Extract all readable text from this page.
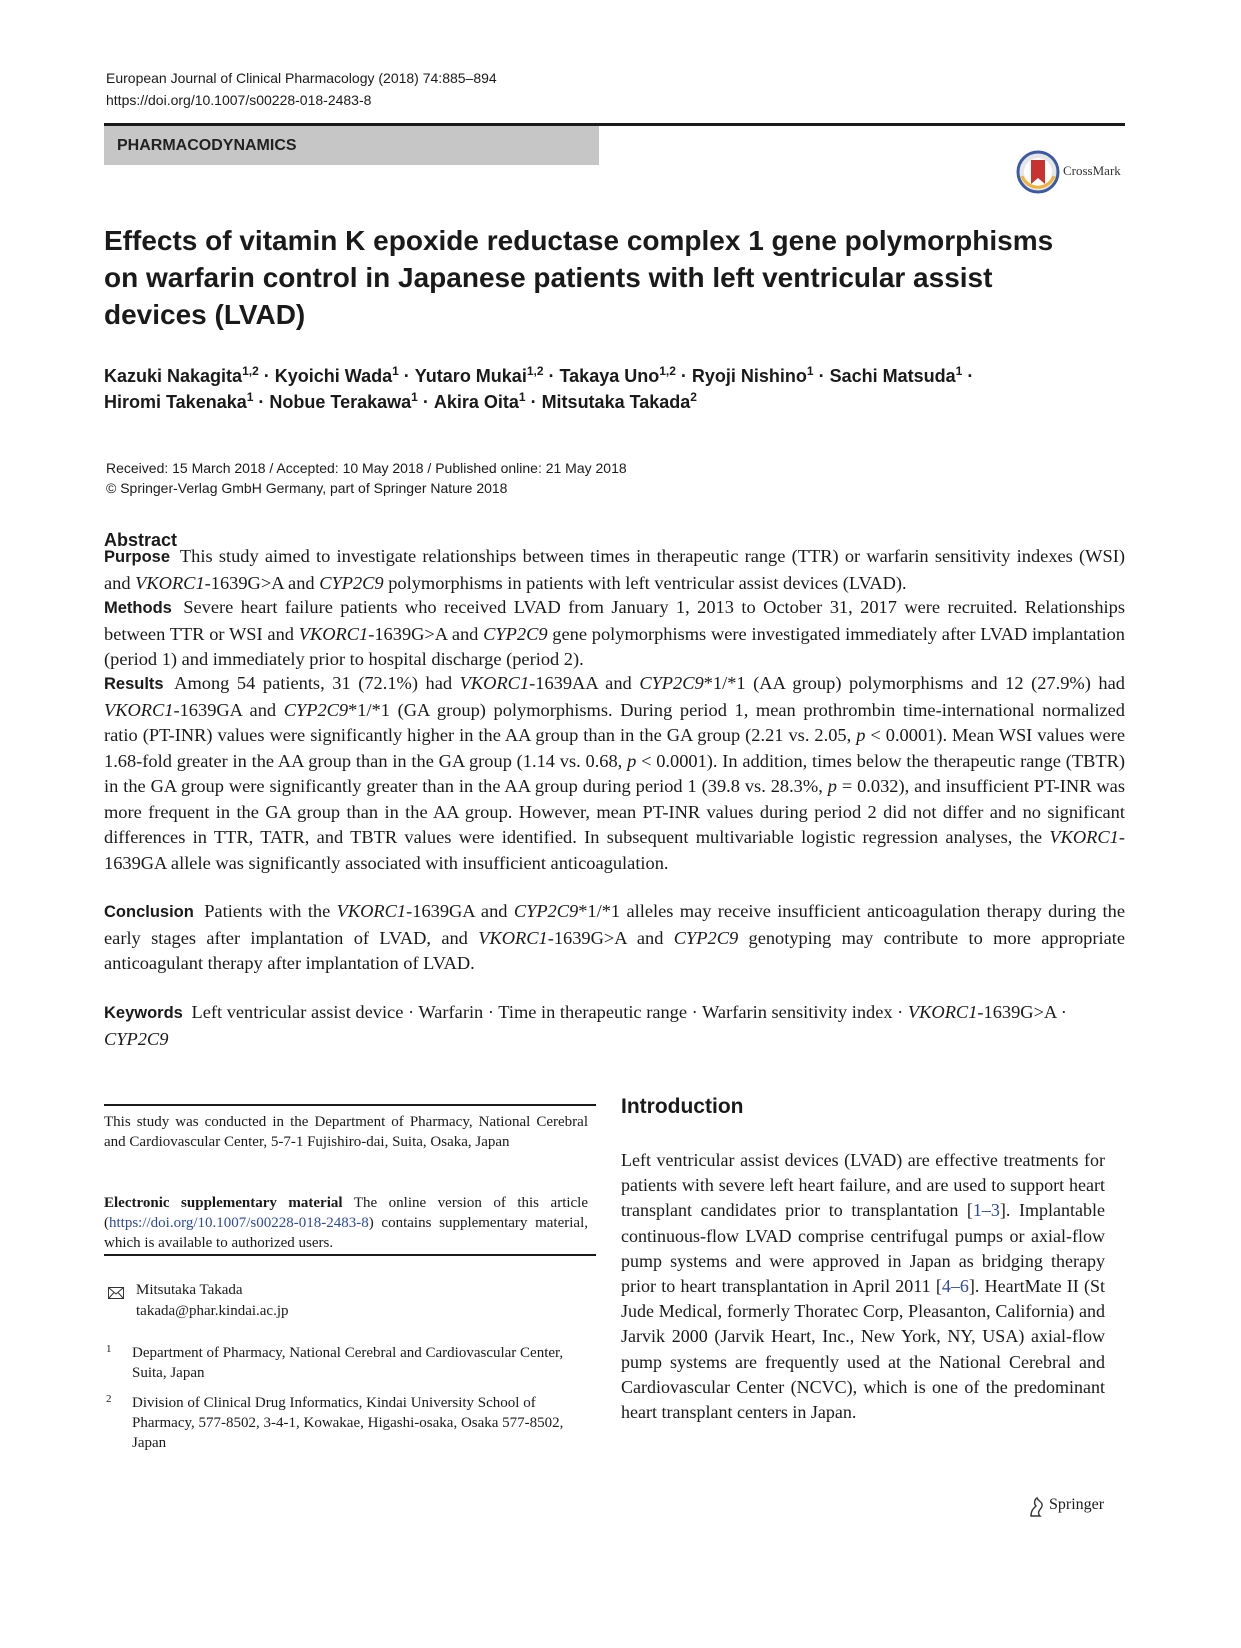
European Journal of Clinical Pharmacology (2018) 74:885–894
https://doi.org/10.1007/s00228-018-2483-8
PHARMACODYNAMICS
CrossMark
Effects of vitamin K epoxide reductase complex 1 gene polymorphisms
on warfarin control in Japanese patients with left ventricular assist
devices (LVAD)
Kazuki Nakagita$^{1,2}$ · Kyoichi Wada$^1$ · Yutaro Mukai$^{1,2}$ · Takaya Uno$^{1,2}$ · Ryoji Nishino$^1$ · Sachi Matsuda$^1$ ·
Hiromi Takenaka$^1$ · Nobue Terakawa$^1$ · Akira Oita$^1$ · Mitsutaka Takada$^2$
Received: 15 March 2018 / Accepted: 10 May 2018 / Published online: 21 May 2018
© Springer-Verlag GmbH Germany, part of Springer Nature 2018
Abstract
Purpose This study aimed to investigate relationships between times in therapeutic range (TTR) or warfarin sensitivity indexes (WSI) and VKORC1-1639G>A and CYP2C9 polymorphisms in patients with left ventricular assist devices (LVAD).
Methods Severe heart failure patients who received LVAD from January 1, 2013 to October 31, 2017 were recruited. Relationships between TTR or WSI and VKORC1-1639G>A and CYP2C9 gene polymorphisms were investigated immediately after LVAD implantation (period 1) and immediately prior to hospital discharge (period 2).
Results Among 54 patients, 31 (72.1%) had VKORC1-1639AA and CYP2C9*1/*1 (AA group) polymorphisms and 12 (27.9%) had VKORC1-1639GA and CYP2C9*1/*1 (GA group) polymorphisms. During period 1, mean prothrombin time-international normalized ratio (PT-INR) values were significantly higher in the AA group than in the GA group (2.21 vs. 2.05, p < 0.0001). Mean WSI values were 1.68-fold greater in the AA group than in the GA group (1.14 vs. 0.68, p < 0.0001). In addition, times below the therapeutic range (TBTR) in the GA group were significantly greater than in the AA group during period 1 (39.8 vs. 28.3%, p = 0.032), and insufficient PT-INR was more frequent in the GA group than in the AA group. However, mean PT-INR values during period 2 did not differ and no significant differences in TTR, TATR, and TBTR values were identified. In subsequent multivariable logistic regression analyses, the VKORC1-1639GA allele was significantly associated with insufficient anticoagulation.
Conclusion Patients with the VKORC1-1639GA and CYP2C9*1/*1 alleles may receive insufficient anticoagulation therapy during the early stages after implantation of LVAD, and VKORC1-1639G>A and CYP2C9 genotyping may contribute to more appropriate anticoagulant therapy after implantation of LVAD.
Keywords Left ventricular assist device · Warfarin · Time in therapeutic range · Warfarin sensitivity index · VKORC1-1639G>A · CYP2C9
This study was conducted in the Department of Pharmacy, National Cerebral and Cardiovascular Center, 5-7-1 Fujishiro-dai, Suita, Osaka, Japan
Electronic supplementary material The online version of this article (https://doi.org/10.1007/s00228-018-2483-8) contains supplementary material, which is available to authorized users.
Mitsutaka Takada
takada@phar.kindai.ac.jp
1 Department of Pharmacy, National Cerebral and Cardiovascular Center, Suita, Japan
2 Division of Clinical Drug Informatics, Kindai University School of Pharmacy, 577-8502, 3-4-1, Kowakae, Higashi-osaka, Osaka 577-8502, Japan
Introduction
Left ventricular assist devices (LVAD) are effective treatments for patients with severe left heart failure, and are used to support heart transplant candidates prior to transplantation [1–3]. Implantable continuous-flow LVAD comprise centrifugal pumps or axial-flow pump systems and were approved in Japan as bridging therapy prior to heart transplantation in April 2011 [4–6]. HeartMate II (St Jude Medical, formerly Thoratec Corp, Pleasanton, California) and Jarvik 2000 (Jarvik Heart, Inc., New York, NY, USA) axial-flow pump systems are frequently used at the National Cerebral and Cardiovascular Center (NCVC), which is one of the predominant heart transplant centers in Japan.
Springer
